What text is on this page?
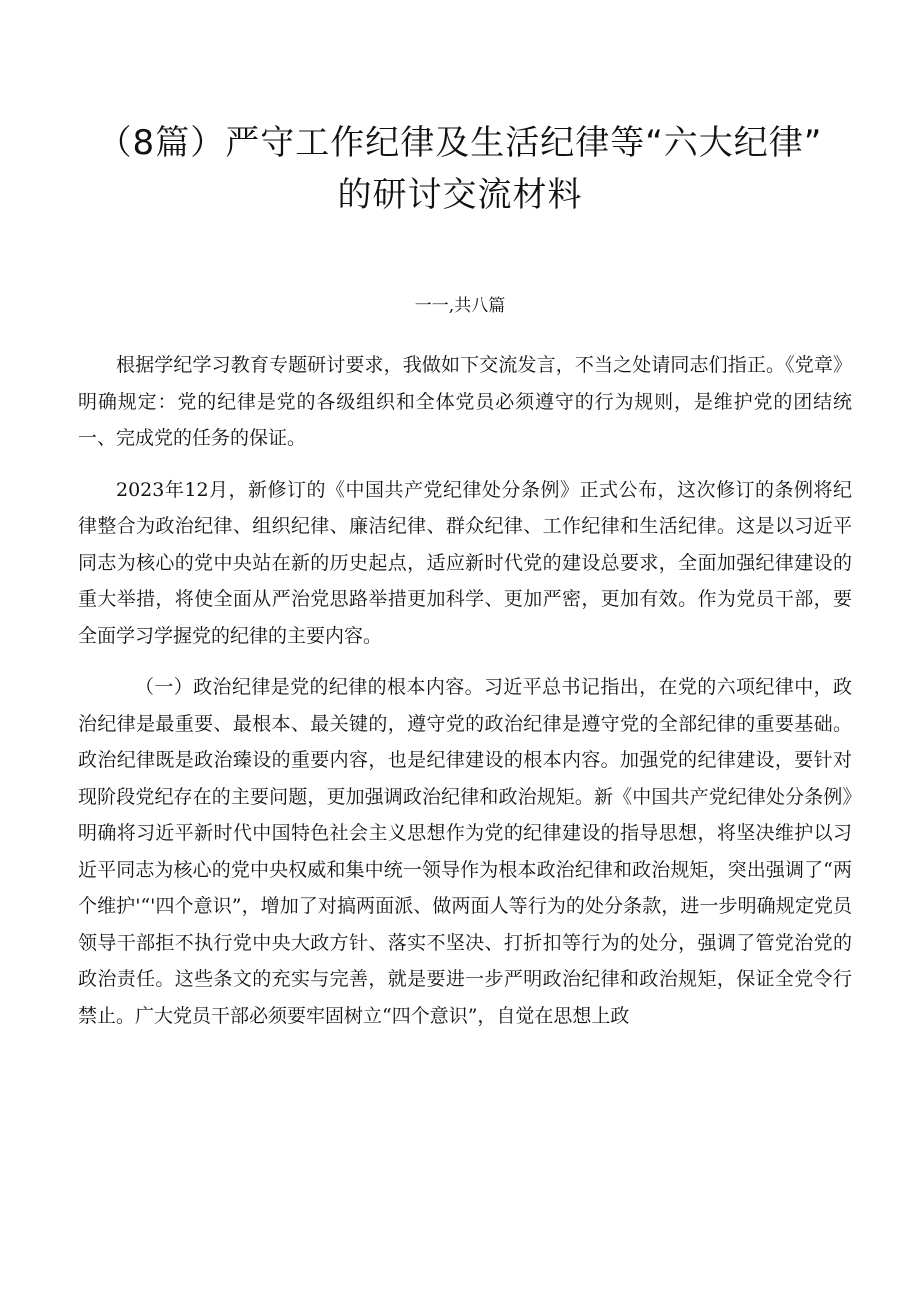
（8篇）严守工作纪律及生活纪律等“六大纪律”
的研讨交流材料
一一,共八篇

根据学纪学习教育专题研讨要求，我做如下交流发言，不当之处请同志们指正。《党章》明确规定：党的纪律是党的各级组织和全体党员必须遵守的行为规则，是维护党的团结统一、完成党的任务的保证。

2023年12月，新修订的《中国共产党纪律处分条例》正式公布，这次修订的条例将纪律整合为政治纪律、组织纪律、廉洁纪律、群众纪律、工作纪律和生活纪律。这是以习近平同志为核心的党中央站在新的历史起点，适应新时代党的建设总要求，全面加强纪律建设的重大举措，将使全面从严治党思路举措更加科学、更加严密，更加有效。作为党员干部，要全面学习学握党的纪律的主要内容。

（一）政治纪律是党的纪律的根本内容。习近平总书记指出，在党的六项纪律中，政治纪律是最重要、最根本、最关键的，遵守党的政治纪律是遵守党的全部纪律的重要基础。政治纪律既是政治臻设的重要内容，也是纪律建设的根本内容。加强党的纪律建设，要针对现阶段党纪存在的主要问题，更加强调政治纪律和政治规矩。新《中国共产党纪律处分条例》明确将习近平新时代中国特色社会主义思想作为党的纪律建设的指导思想，将坚决维护以习近平同志为核心的党中央权威和集中统一领导作为根本政治纪律和政治规矩，突出强调了“两个维护'“'四个意识”，增加了对搞两面派、做两面人等行为的处分条款，进一步明确规定党员领导干部拒不执行党中央大政方针、落实不坚决、打折扣等行为的处分，强调了管党治党的政治责任。这些条文的充实与完善，就是要进一步严明政治纪律和政治规矩，保证全党令行禁止。广大党员干部必须要牢固树立“四个意识”，自觉在思想上政
